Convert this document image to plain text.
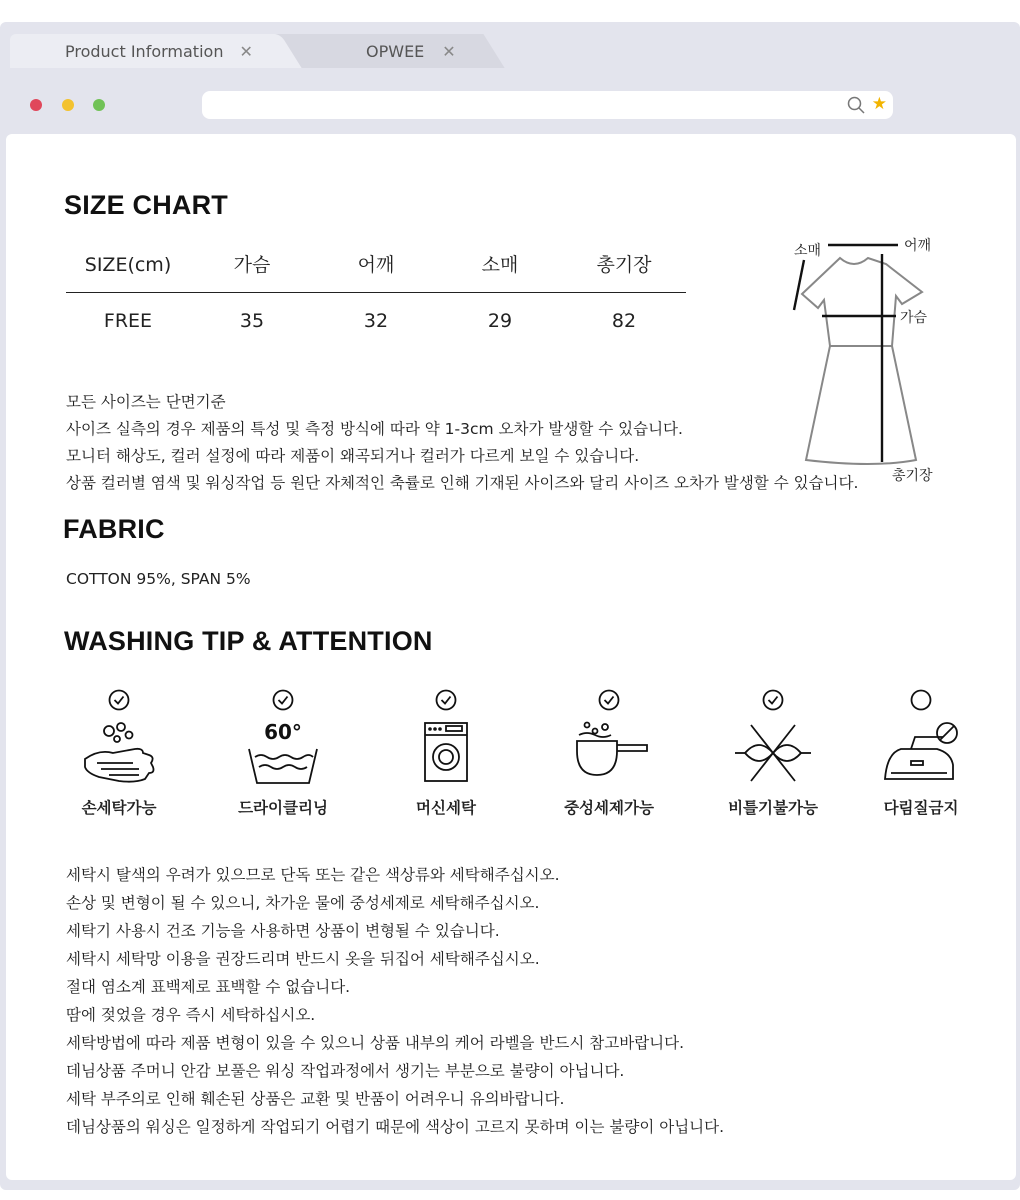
Product Information ✕	OPWEE ✕
★
SIZE CHART
SIZE(cm)	가슴	어깨	소매	총기장
FREE	35	32	29	82
모든 사이즈는 단면기준
사이즈 실측의 경우 제품의 특성 및 측정 방식에 따라 약 1-3cm 오차가 발생할 수 있습니다.
모니터 해상도, 컬러 설정에 따라 제품이 왜곡되거나 컬러가 다르게 보일 수 있습니다.
상품 컬러별 염색 및 워싱작업 등 원단 자체적인 축률로 인해 기재된 사이즈와 달리 사이즈 오차가 발생할 수 있습니다.
소매	어깨
가슴
총기장
FABRIC
COTTON 95%, SPAN 5%
WASHING TIP & ATTENTION
손세탁가능
60°
드라이클리닝	머신세탁	중성세제가능	비틀기불가능	다림질금지
세탁시 탈색의 우려가 있으므로 단독 또는 같은 색상류와 세탁해주십시오.
손상 및 변형이 될 수 있으니, 차가운 물에 중성세제로 세탁해주십시오.
세탁기 사용시 건조 기능을 사용하면 상품이 변형될 수 있습니다.
세탁시 세탁망 이용을 권장드리며 반드시 옷을 뒤집어 세탁해주십시오.
절대 염소계 표백제로 표백할 수 없습니다.
땀에 젖었을 경우 즉시 세탁하십시오.
세탁방법에 따라 제품 변형이 있을 수 있으니 상품 내부의 케어 라벨을 반드시 참고바랍니다.
데님상품 주머니 안감 보풀은 워싱 작업과정에서 생기는 부분으로 불량이 아닙니다.
세탁 부주의로 인해 훼손된 상품은 교환 및 반품이 어려우니 유의바랍니다.
데님상품의 워싱은 일정하게 작업되기 어렵기 때문에 색상이 고르지 못하며 이는 불량이 아닙니다.
